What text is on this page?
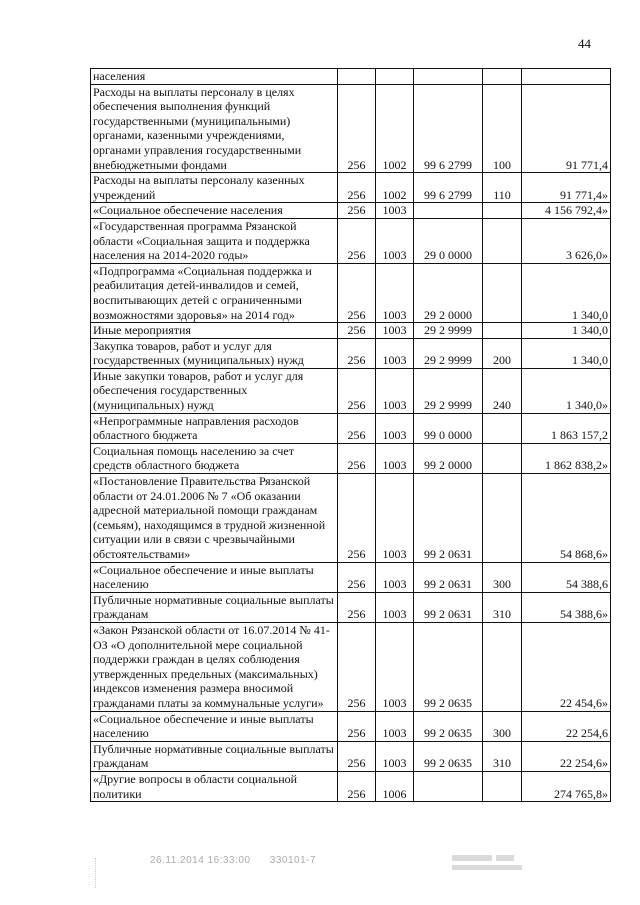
44
населения					
Расходы на выплаты персоналу в целях обеспечения выполнения функций государственными (муниципальными) органами, казенными учреждениями, органами управления государственными внебюджетными фондами	256	1002	99 6 2799	100	91 771,4
Расходы на выплаты персоналу казенных учреждений	256	1002	99 6 2799	110	91 771,4»
«Социальное обеспечение населения	256	1003			4 156 792,4»
«Государственная программа Рязанской области «Социальная защита и поддержка населения на 2014-2020 годы»	256	1003	29 0 0000		3 626,0»
«Подпрограмма «Социальная поддержка и реабилитация детей-инвалидов и семей, воспитывающих детей с ограниченными возможностями здоровья» на 2014 год»	256	1003	29 2 0000		1 340,0
Иные мероприятия	256	1003	29 2 9999		1 340,0
Закупка товаров, работ и услуг для государственных (муниципальных) нужд	256	1003	29 2 9999	200	1 340,0
Иные закупки товаров, работ и услуг для обеспечения государственных (муниципальных) нужд	256	1003	29 2 9999	240	1 340,0»
«Непрограммные направления расходов областного бюджета	256	1003	99 0 0000		1 863 157,2
Социальная помощь населению за счет средств областного бюджета	256	1003	99 2 0000		1 862 838,2»
«Постановление Правительства Рязанской области от 24.01.2006 № 7 «Об оказании адресной материальной помощи гражданам (семьям), находящимся в трудной жизненной ситуации или в связи с чрезвычайными обстоятельствами»	256	1003	99 2 0631		54 868,6»
«Социальное обеспечение и иные выплаты населению	256	1003	99 2 0631	300	54 388,6
Публичные нормативные социальные выплаты гражданам	256	1003	99 2 0631	310	54 388,6»
«Закон Рязанской области от 16.07.2014 № 41-ОЗ «О дополнительной мере социальной поддержки граждан в целях соблюдения утвержденных предельных (максимальных) индексов изменения размера вносимой гражданами платы за коммунальные услуги»	256	1003	99 2 0635		22 454,6»
«Социальное обеспечение и иные выплаты населению	256	1003	99 2 0635	300	22 254,6
Публичные нормативные социальные выплаты гражданам	256	1003	99 2 0635	310	22 254,6»
«Другие вопросы в области социальной политики	256	1006			274 765,8»
26.11.2014 16:33:00 330101-7
